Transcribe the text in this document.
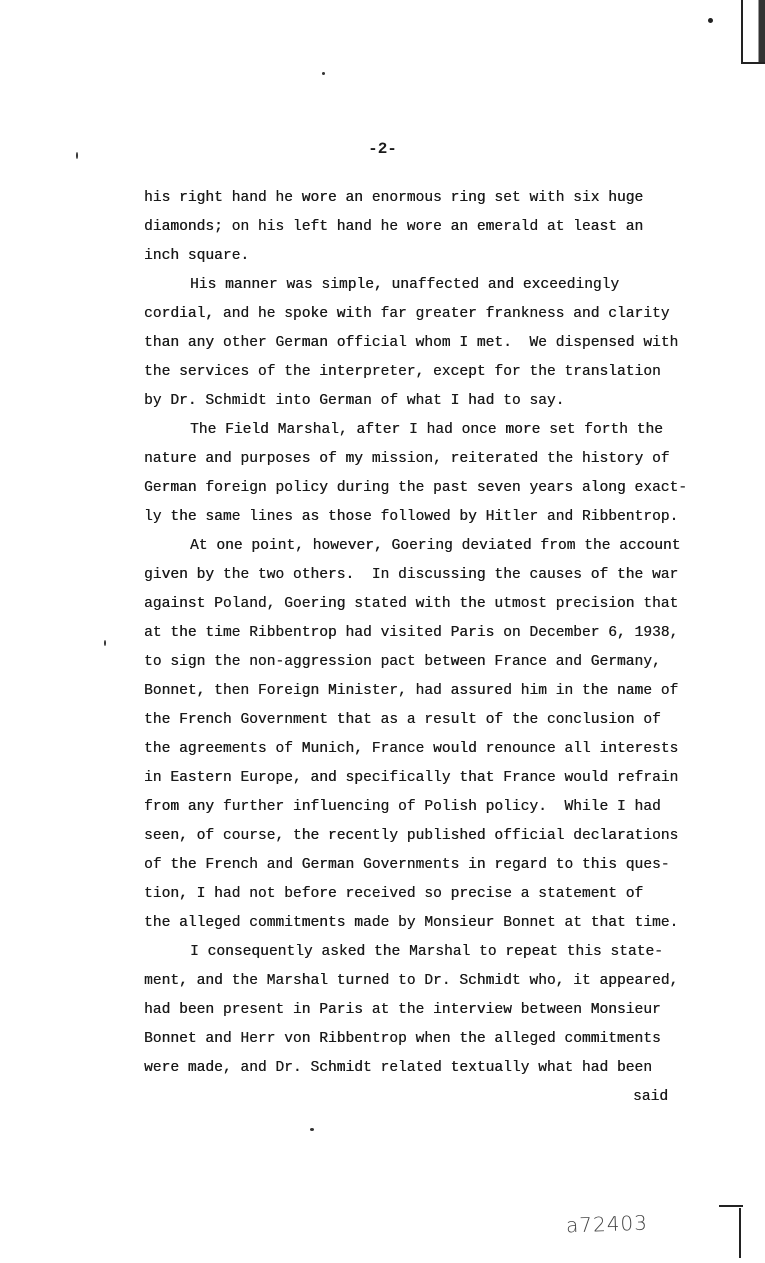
-2-
his right hand he wore an enormous ring set with six huge
diamonds; on his left hand he wore an emerald at least an
inch square.
His manner was simple, unaffected and exceedingly
cordial, and he spoke with far greater frankness and clarity
than any other German official whom I met.  We dispensed with
the services of the interpreter, except for the translation
by Dr. Schmidt into German of what I had to say.
The Field Marshal, after I had once more set forth the
nature and purposes of my mission, reiterated the history of
German foreign policy during the past seven years along exact-
ly the same lines as those followed by Hitler and Ribbentrop.
At one point, however, Goering deviated from the account
given by the two others.  In discussing the causes of the war
against Poland, Goering stated with the utmost precision that
at the time Ribbentrop had visited Paris on December 6, 1938,
to sign the non-aggression pact between France and Germany,
Bonnet, then Foreign Minister, had assured him in the name of
the French Government that as a result of the conclusion of
the agreements of Munich, France would renounce all interests
in Eastern Europe, and specifically that France would refrain
from any further influencing of Polish policy.  While I had
seen, of course, the recently published official declarations
of the French and German Governments in regard to this ques-
tion, I had not before received so precise a statement of
the alleged commitments made by Monsieur Bonnet at that time.
I consequently asked the Marshal to repeat this state-
ment, and the Marshal turned to Dr. Schmidt who, it appeared,
had been present in Paris at the interview between Monsieur
Bonnet and Herr von Ribbentrop when the alleged commitments
were made, and Dr. Schmidt related textually what had been
said
a72403
